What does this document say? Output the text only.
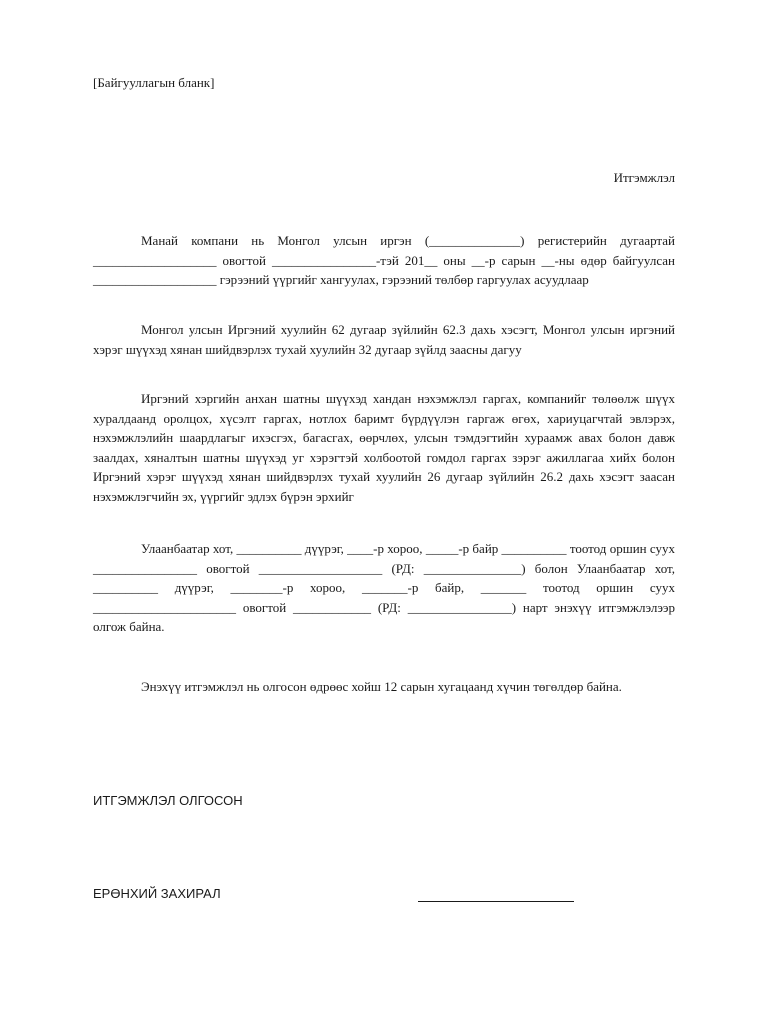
[Байгууллагын бланк]
Итгэмжлэл
Манай компани нь Монгол улсын иргэн (______________) регистерийн дугаартай ___________________ овогтой ________________-тэй 201__ оны __-р сарын __-ны өдөр байгуулсан ___________________ гэрээний үүргийг хангуулах, гэрээний төлбөр гаргуулах асуудлаар
Монгол улсын Иргэний хуулийн 62 дугаар зүйлийн 62.3 дахь хэсэгт, Монгол улсын иргэний хэрэг шүүхэд хянан шийдвэрлэх тухай хуулийн 32 дугаар зүйлд заасны дагуу
Иргэний хэргийн анхан шатны шүүхэд хандан нэхэмжлэл гаргах, компанийг төлөөлж шүүх хуралдаанд оролцох, хүсэлт гаргах, нотлох баримт бүрдүүлэн гаргаж өгөх, хариуцагчтай эвлэрэх, нэхэмжлэлийн шаардлагыг ихэсгэх, багасгах, өөрчлөх, улсын тэмдэгтийн хураамж авах болон давж заалдах, хяналтын шатны шүүхэд уг хэрэгтэй холбоотой гомдол гаргах зэрэг ажиллагаа хийх болон Иргэний хэрэг шүүхэд хянан шийдвэрлэх тухай хуулийн 26 дугаар зүйлийн 26.2 дахь хэсэгт заасан нэхэмжлэгчийн эх, үүргийг эдлэх бүрэн эрхийг
Улаанбаатар хот, __________ дүүрэг, ____-р хороо, _____-р байр __________ тоотод оршин суух ________________ овогтой ___________________ (РД: _______________) болон Улаанбаатар хот, __________ дүүрэг, ________-р хороо, _______-р байр, _______ тоотод оршин суух ______________________ овогтой ____________ (РД: ________________) нарт энэхүү итгэмжлэлээр олгож байна.
Энэхүү итгэмжлэл нь олгосон өдрөөс хойш 12 сарын хугацаанд хүчин төгөлдөр байна.
ИТГЭМЖЛЭЛ ОЛГОСОН
ЕРӨНХИЙ ЗАХИРАЛ
